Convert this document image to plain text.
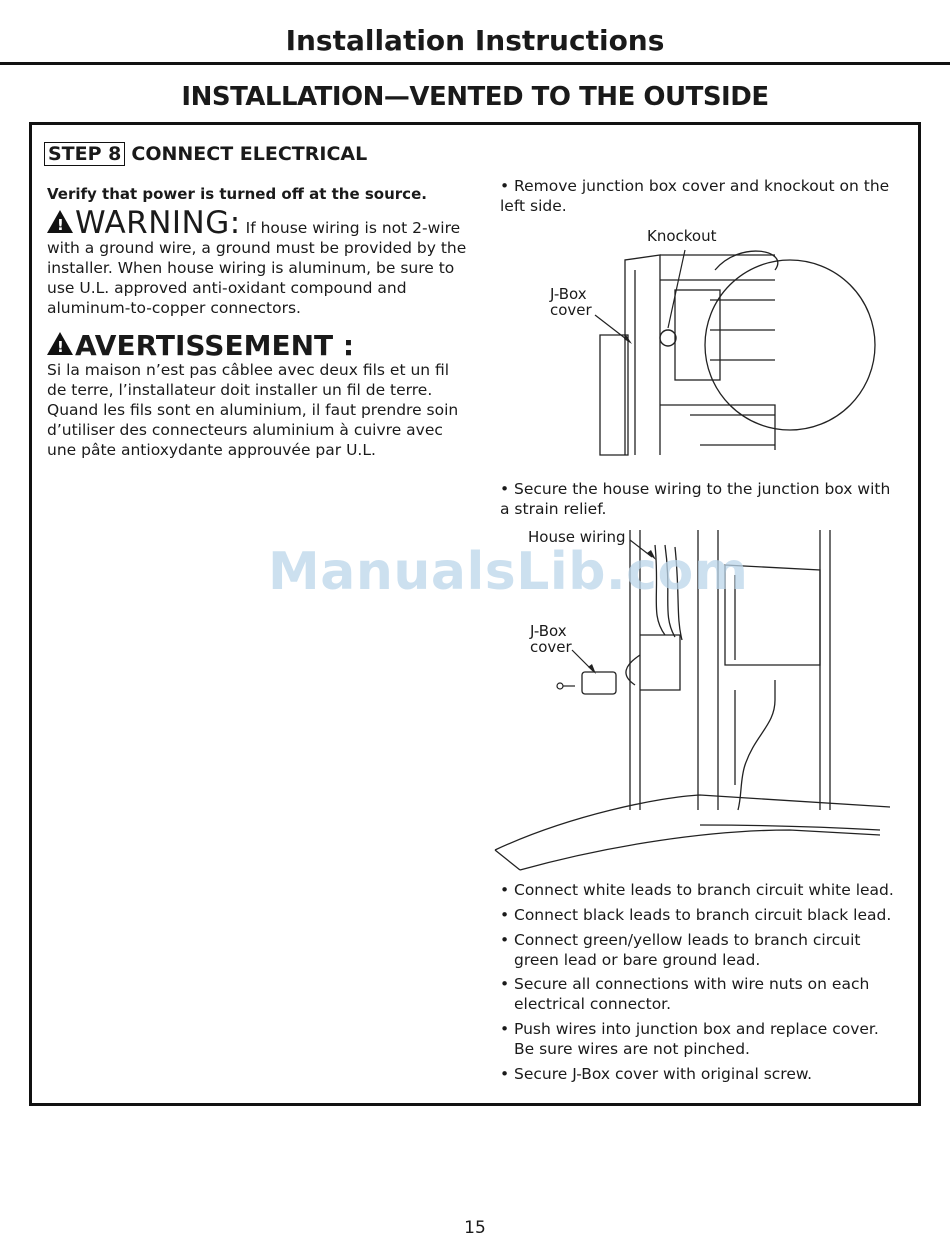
Installation Instructions
INSTALLATION—VENTED TO THE OUTSIDE
STEP 8 CONNECT ELECTRICAL
Verify that power is turned off at the source.
! WARNING: If house wiring is not 2-wire with a ground wire, a ground must be provided by the installer. When house wiring is aluminum, be sure to use U.L. approved anti-oxidant compound and aluminum-to-copper connectors.
! AVERTISSEMENT :
Si la maison n’est pas câblee avec deux fils et un fil de terre, l’installateur doit installer un fil de terre. Quand les fils sont en aluminium, il faut prendre soin d’utiliser des connecteurs aluminium à cuivre avec une pâte antioxydante approuvée par U.L.
• Remove junction box cover and knockout on the left side.
Knockout
J-Box
cover
• Secure the house wiring to the junction box with a strain relief.
House wiring
J-Box
cover
• Connect white leads to branch circuit white lead.
• Connect black leads to branch circuit black lead.
• Connect green/yellow leads to branch circuit green lead or bare ground lead.
• Secure all connections with wire nuts on each electrical connector.
• Push wires into junction box and replace cover. Be sure wires are not pinched.
• Secure J-Box cover with original screw.
ManualsLib.com
15
